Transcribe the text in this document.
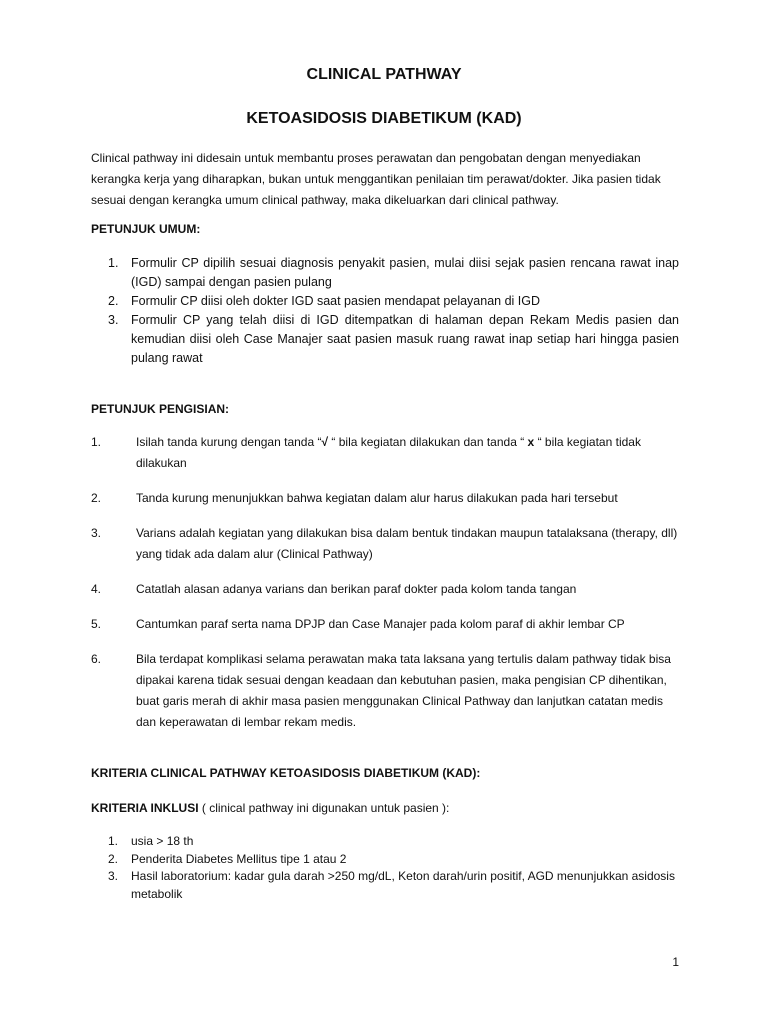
CLINICAL PATHWAY
KETOASIDOSIS DIABETIKUM (KAD)

Clinical pathway ini didesain untuk membantu proses perawatan dan pengobatan dengan menyediakan kerangka kerja yang diharapkan, bukan untuk menggantikan penilaian tim perawat/dokter. Jika pasien tidak sesuai dengan kerangka umum clinical pathway, maka dikeluarkan dari clinical pathway.

PETUNJUK UMUM:

1.	Formulir CP dipilih sesuai diagnosis penyakit pasien, mulai diisi sejak pasien rencana rawat inap (IGD) sampai dengan pasien pulang
2.	Formulir CP diisi oleh dokter IGD saat pasien mendapat pelayanan di IGD
3.	Formulir CP yang telah diisi di IGD ditempatkan di halaman depan Rekam Medis pasien dan kemudian diisi oleh Case Manajer saat pasien masuk ruang rawat inap setiap hari hingga pasien pulang rawat

PETUNJUK PENGISIAN:

1.	Isilah tanda kurung dengan tanda “√ “ bila kegiatan dilakukan dan tanda “ x “ bila kegiatan tidak dilakukan
2.	Tanda kurung menunjukkan bahwa kegiatan dalam alur harus dilakukan pada hari tersebut
3.	Varians adalah kegiatan yang dilakukan bisa dalam bentuk tindakan maupun tatalaksana (therapy, dll) yang tidak ada dalam alur (Clinical Pathway)
4.	Catatlah alasan adanya varians dan berikan paraf dokter pada kolom tanda tangan
5.	Cantumkan paraf serta nama DPJP dan Case Manajer pada kolom paraf di akhir lembar CP
6.	Bila terdapat komplikasi selama perawatan maka tata laksana yang tertulis dalam pathway tidak bisa dipakai karena tidak sesuai dengan keadaan dan kebutuhan pasien, maka pengisian CP dihentikan, buat garis merah di akhir masa pasien menggunakan Clinical Pathway dan lanjutkan catatan medis dan keperawatan di lembar rekam medis.

KRITERIA CLINICAL PATHWAY KETOASIDOSIS DIABETIKUM (KAD):

KRITERIA INKLUSI ( clinical pathway ini digunakan untuk pasien ):

1.	usia > 18 th
2.	Penderita Diabetes Mellitus tipe 1 atau 2
3.	Hasil laboratorium: kadar gula darah >250 mg/dL, Keton darah/urin positif, AGD menunjukkan asidosis metabolik
1
